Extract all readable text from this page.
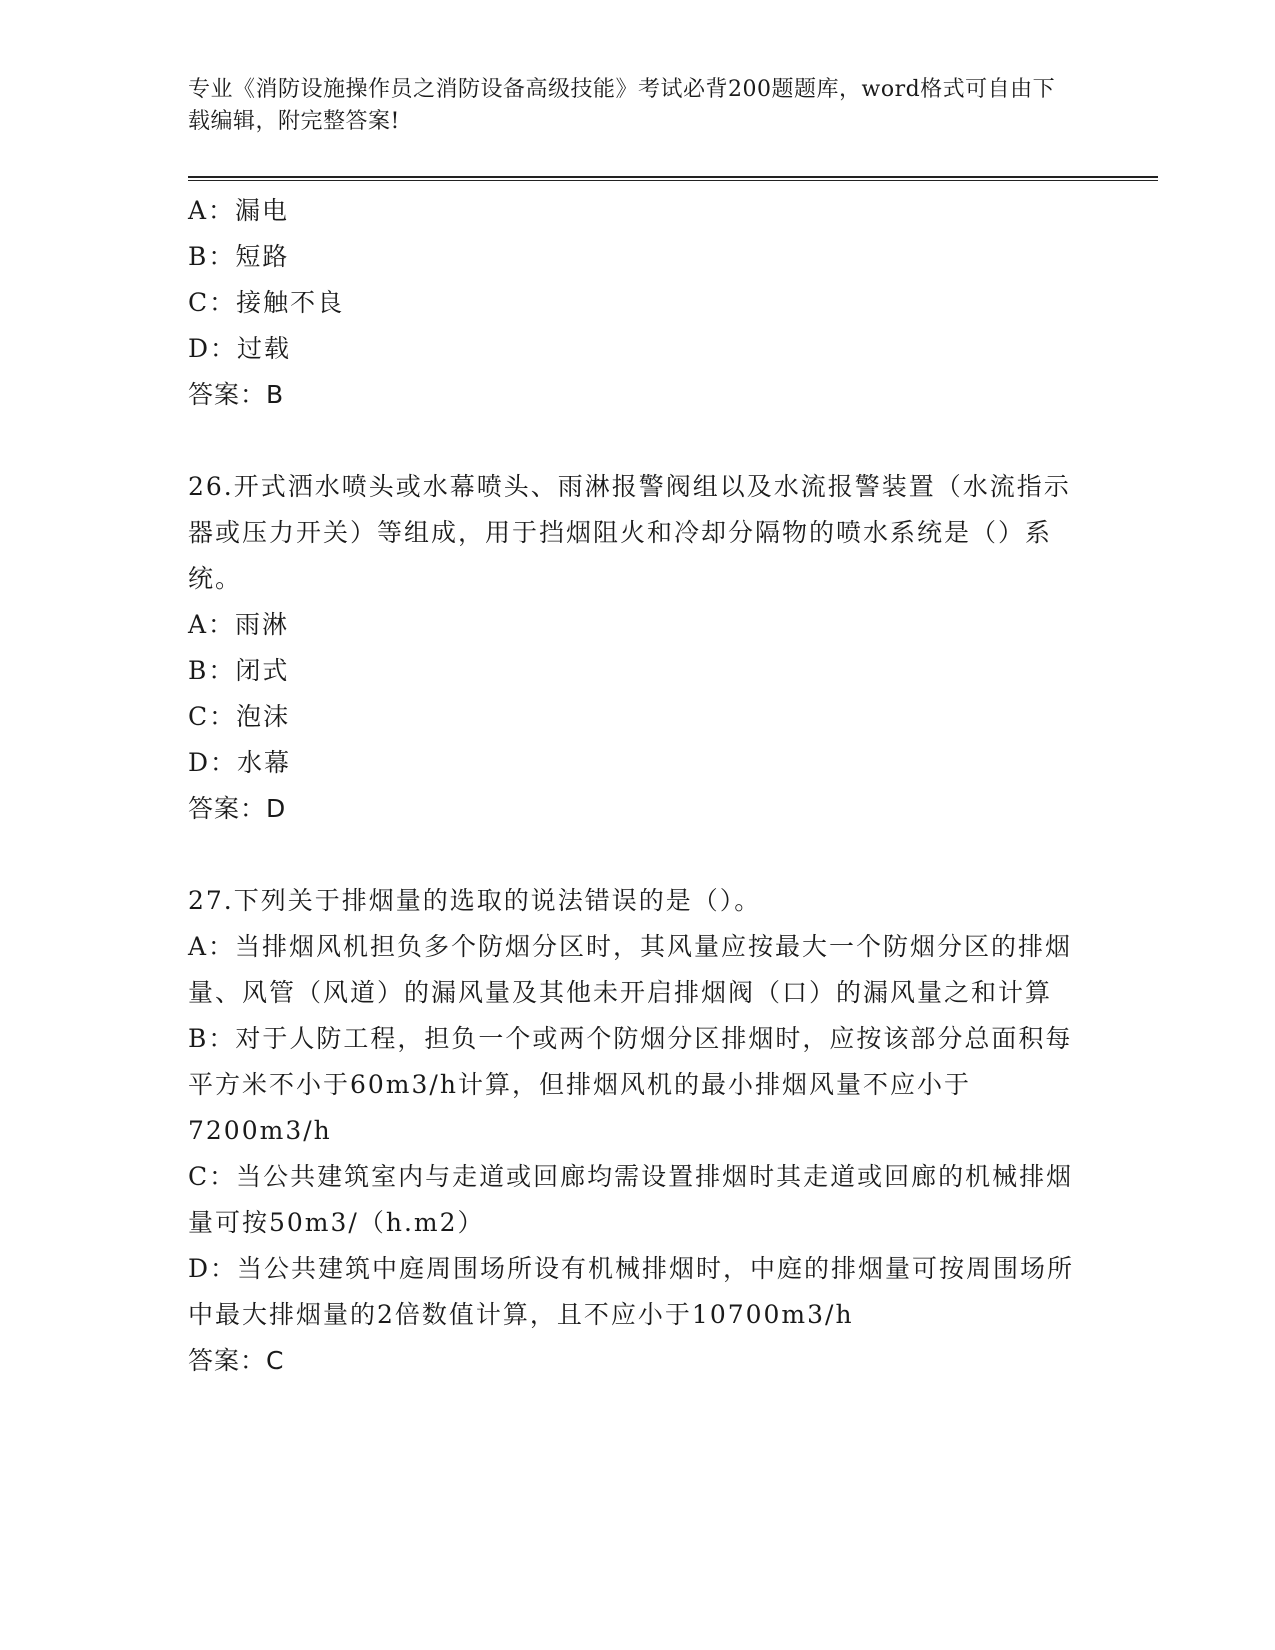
专业《消防设施操作员之消防设备高级技能》考试必背200题题库，word格式可自由下载编辑，附完整答案!
A：漏电
B：短路
C：接触不良
D：过载
答案：B
26.开式洒水喷头或水幕喷头、雨淋报警阀组以及水流报警装置（水流指示器或压力开关）等组成，用于挡烟阻火和冷却分隔物的喷水系统是（）系统。
A：雨淋
B：闭式
C：泡沫
D：水幕
答案：D
27.下列关于排烟量的选取的说法错误的是（）。
A：当排烟风机担负多个防烟分区时，其风量应按最大一个防烟分区的排烟量、风管（风道）的漏风量及其他未开启排烟阀（口）的漏风量之和计算
B：对于人防工程，担负一个或两个防烟分区排烟时，应按该部分总面积每平方米不小于60m3/h计算，但排烟风机的最小排烟风量不应小于7200m3/h
C：当公共建筑室内与走道或回廊均需设置排烟时其走道或回廊的机械排烟量可按50m3/（h.m2）
D：当公共建筑中庭周围场所设有机械排烟时，中庭的排烟量可按周围场所中最大排烟量的2倍数值计算，且不应小于10700m3/h
答案：C
